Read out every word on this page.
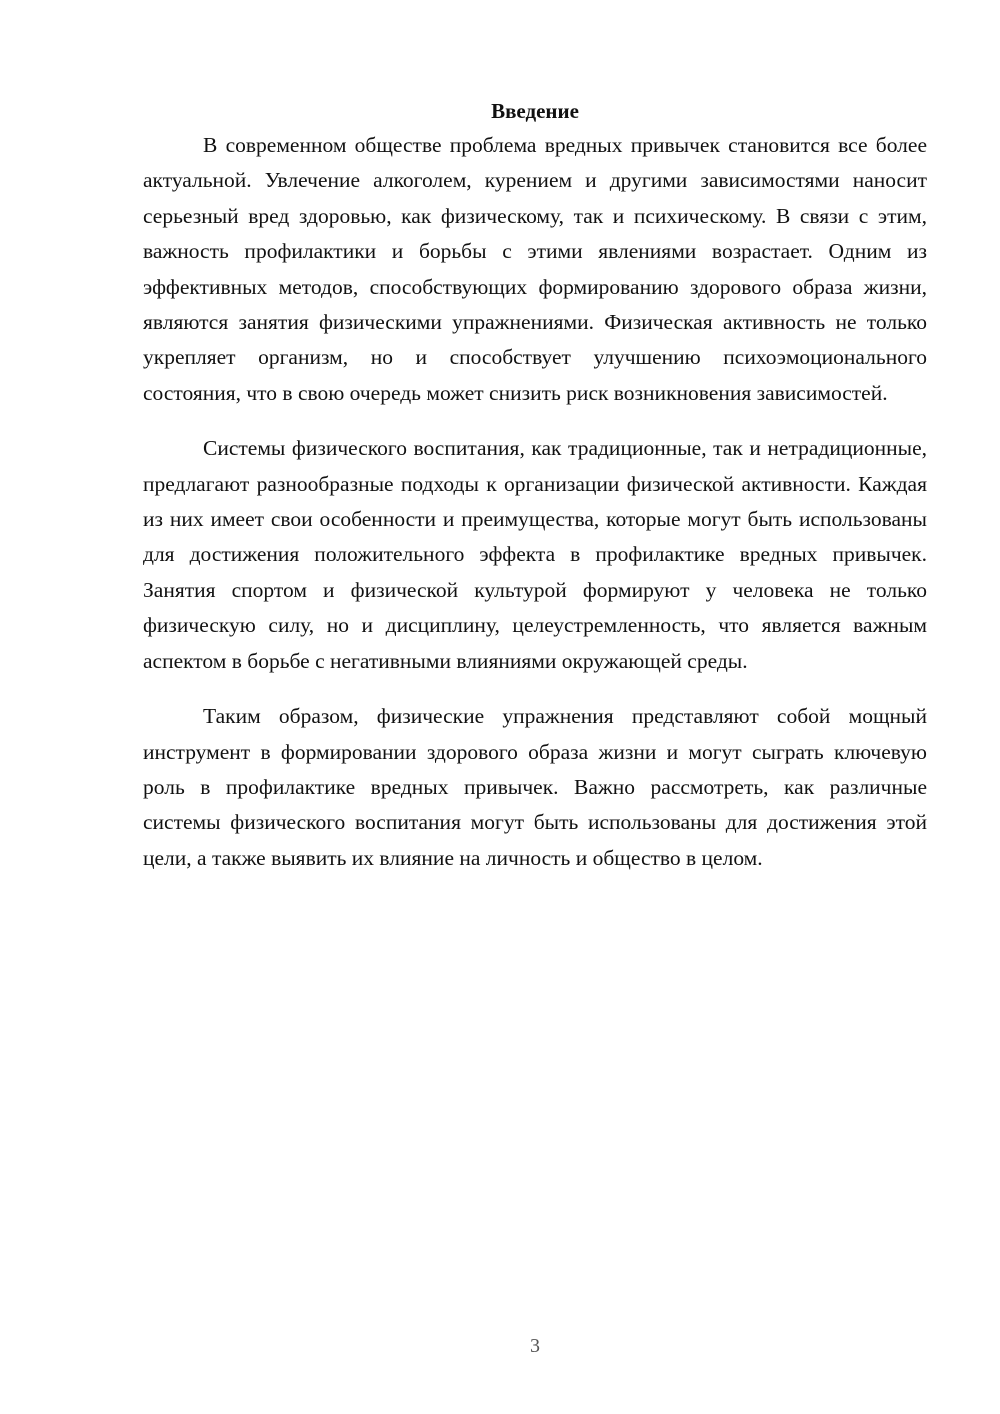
Введение

В современном обществе проблема вредных привычек становится все более актуальной. Увлечение алкоголем, курением и другими зависимостями наносит серьезный вред здоровью, как физическому, так и психическому. В связи с этим, важность профилактики и борьбы с этими явлениями возрастает. Одним из эффективных методов, способствующих формированию здорового образа жизни, являются занятия физическими упражнениями. Физическая активность не только укрепляет организм, но и способствует улучшению психоэмоционального состояния, что в свою очередь может снизить риск возникновения зависимостей.

Системы физического воспитания, как традиционные, так и нетрадиционные, предлагают разнообразные подходы к организации физической активности. Каждая из них имеет свои особенности и преимущества, которые могут быть использованы для достижения положительного эффекта в профилактике вредных привычек. Занятия спортом и физической культурой формируют у человека не только физическую силу, но и дисциплину, целеустремленность, что является важным аспектом в борьбе с негативными влияниями окружающей среды.

Таким образом, физические упражнения представляют собой мощный инструмент в формировании здорового образа жизни и могут сыграть ключевую роль в профилактике вредных привычек. Важно рассмотреть, как различные системы физического воспитания могут быть использованы для достижения этой цели, а также выявить их влияние на личность и общество в целом.

3
